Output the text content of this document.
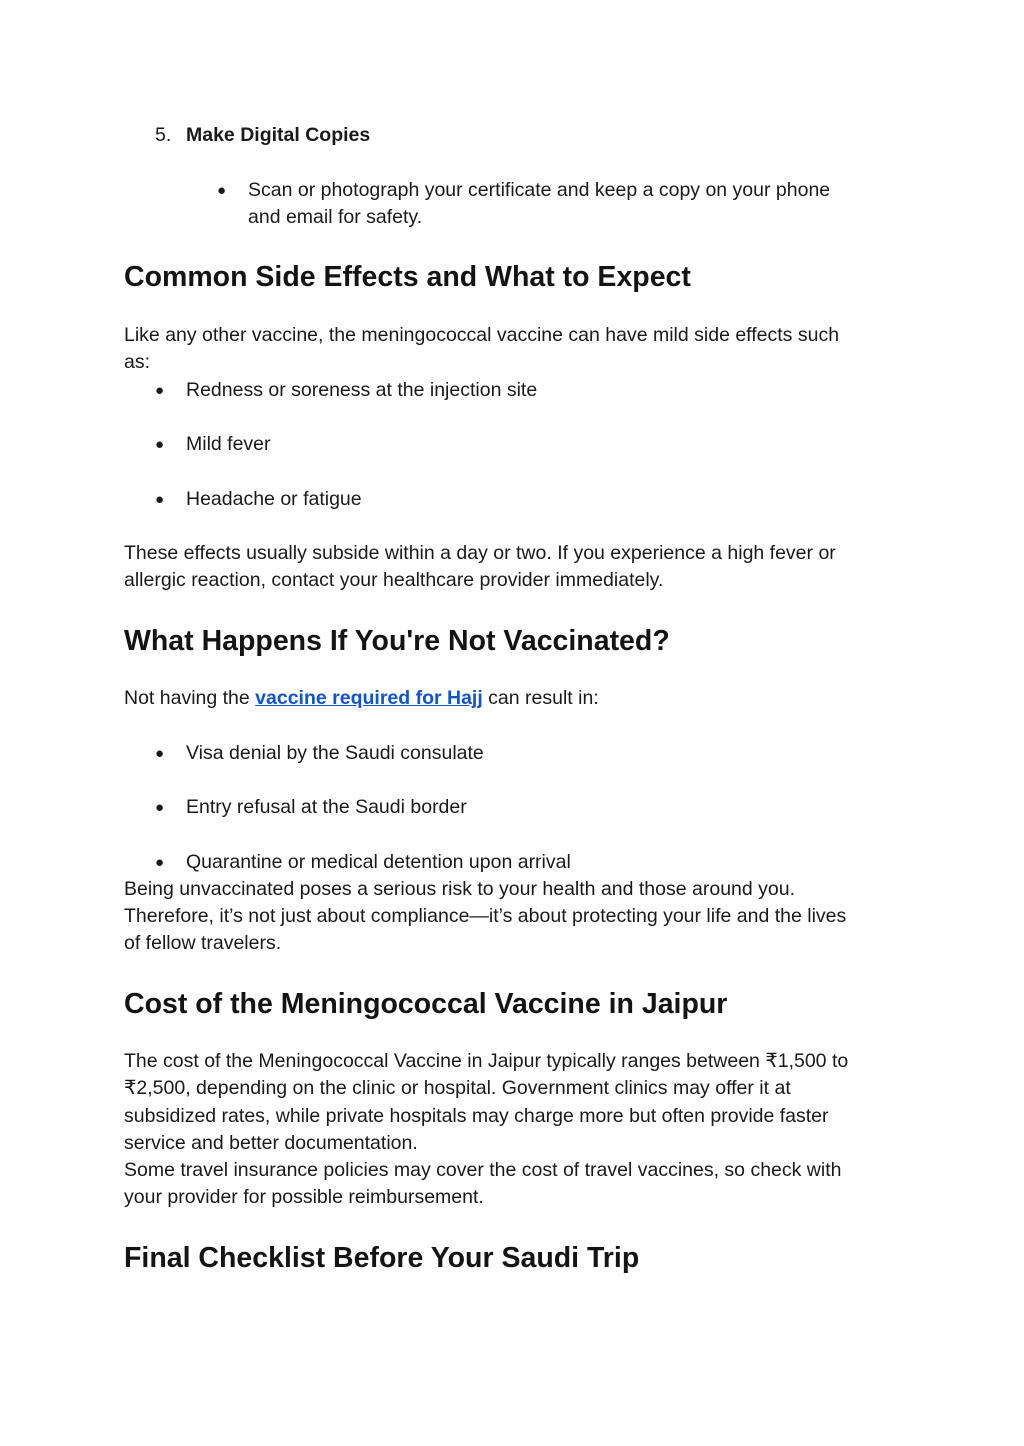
5. Make Digital Copies
● Scan or photograph your certificate and keep a copy on your phone
and email for safety.
Common Side Effects and What to Expect
Like any other vaccine, the meningococcal vaccine can have mild side effects such
as:
● Redness or soreness at the injection site
● Mild fever
● Headache or fatigue
These effects usually subside within a day or two. If you experience a high fever or
allergic reaction, contact your healthcare provider immediately.
What Happens If You're Not Vaccinated?
Not having the vaccine required for Hajj can result in:
● Visa denial by the Saudi consulate
● Entry refusal at the Saudi border
● Quarantine or medical detention upon arrival
Being unvaccinated poses a serious risk to your health and those around you.
Therefore, it’s not just about compliance—it’s about protecting your life and the lives
of fellow travelers.
Cost of the Meningococcal Vaccine in Jaipur
The cost of the Meningococcal Vaccine in Jaipur typically ranges between ₹1,500 to
₹2,500, depending on the clinic or hospital. Government clinics may offer it at
subsidized rates, while private hospitals may charge more but often provide faster
service and better documentation.
Some travel insurance policies may cover the cost of travel vaccines, so check with
your provider for possible reimbursement.
Final Checklist Before Your Saudi Trip
